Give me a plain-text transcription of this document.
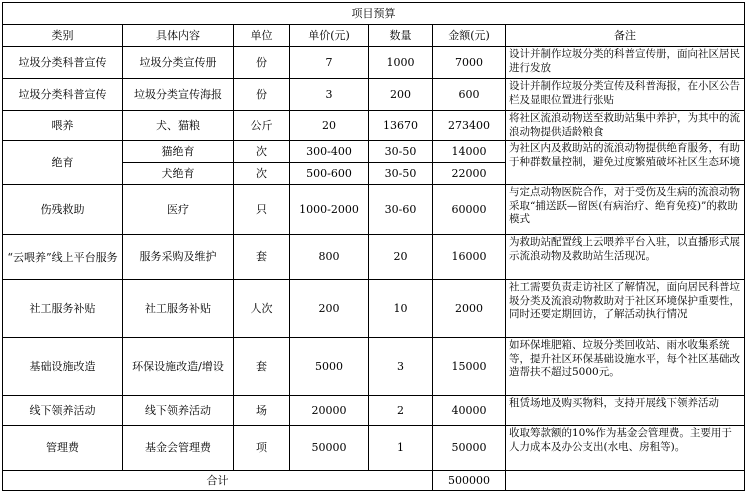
项目预算						
类别	具体内容	单位	单价(元)	数量	金额(元)	备注
垃圾分类科普宣传	垃圾分类宣传册	份	7	1000	7000	设计并制作垃圾分类的科普宣传册，面向社区居民进行发放
垃圾分类科普宣传	垃圾分类宣传海报	份	3	200	600	设计并制作垃圾分类宣传及科普海报，在小区公告栏及显眼位置进行张贴
喂养	犬、猫粮	公斤	20	13670	273400	将社区流浪动物送至救助站集中养护，为其中的流浪动物提供适龄粮食
绝育	猫绝育	次	300-400	30-50	14000	为社区内及救助站的流浪动物提供绝育服务，有助于种群数量控制，避免过度繁殖破坏社区生态环境
	犬绝育	次	500-600	30-50	22000	
伤残救助	医疗	只	1000-2000	30-60	60000	与定点动物医院合作，对于受伤及生病的流浪动物采取“捕送跃—留医(有病治疗、绝育免疫)”的救助模式
“云喂养”线上平台服务	服务采购及维护	套	800	20	16000	为救助站配置线上云喂养平台入驻，以直播形式展示流浪动物及救助站生活现况。
社工服务补贴	社工服务补贴	人次	200	10	2000	社工需要负责走访社区了解情况，面向居民科普垃圾分类及流浪动物救助对于社区环境保护重要性，同时还要定期回访，了解活动执行情况
基础设施改造	环保设施改造/增设	套	5000	3	15000	如环保堆肥箱、垃圾分类回收站、雨水收集系统等，提升社区环保基础设施水平，每个社区基础改造帮扶不超过5000元。
线下领养活动	线下领养活动	场	20000	2	40000	租赁场地及购买物料，支持开展线下领养活动
管理费	基金会管理费	项	50000	1	50000	收取筹款额的10%作为基金会管理费。主要用于人力成本及办公支出(水电、房租等)。
合计					500000	
